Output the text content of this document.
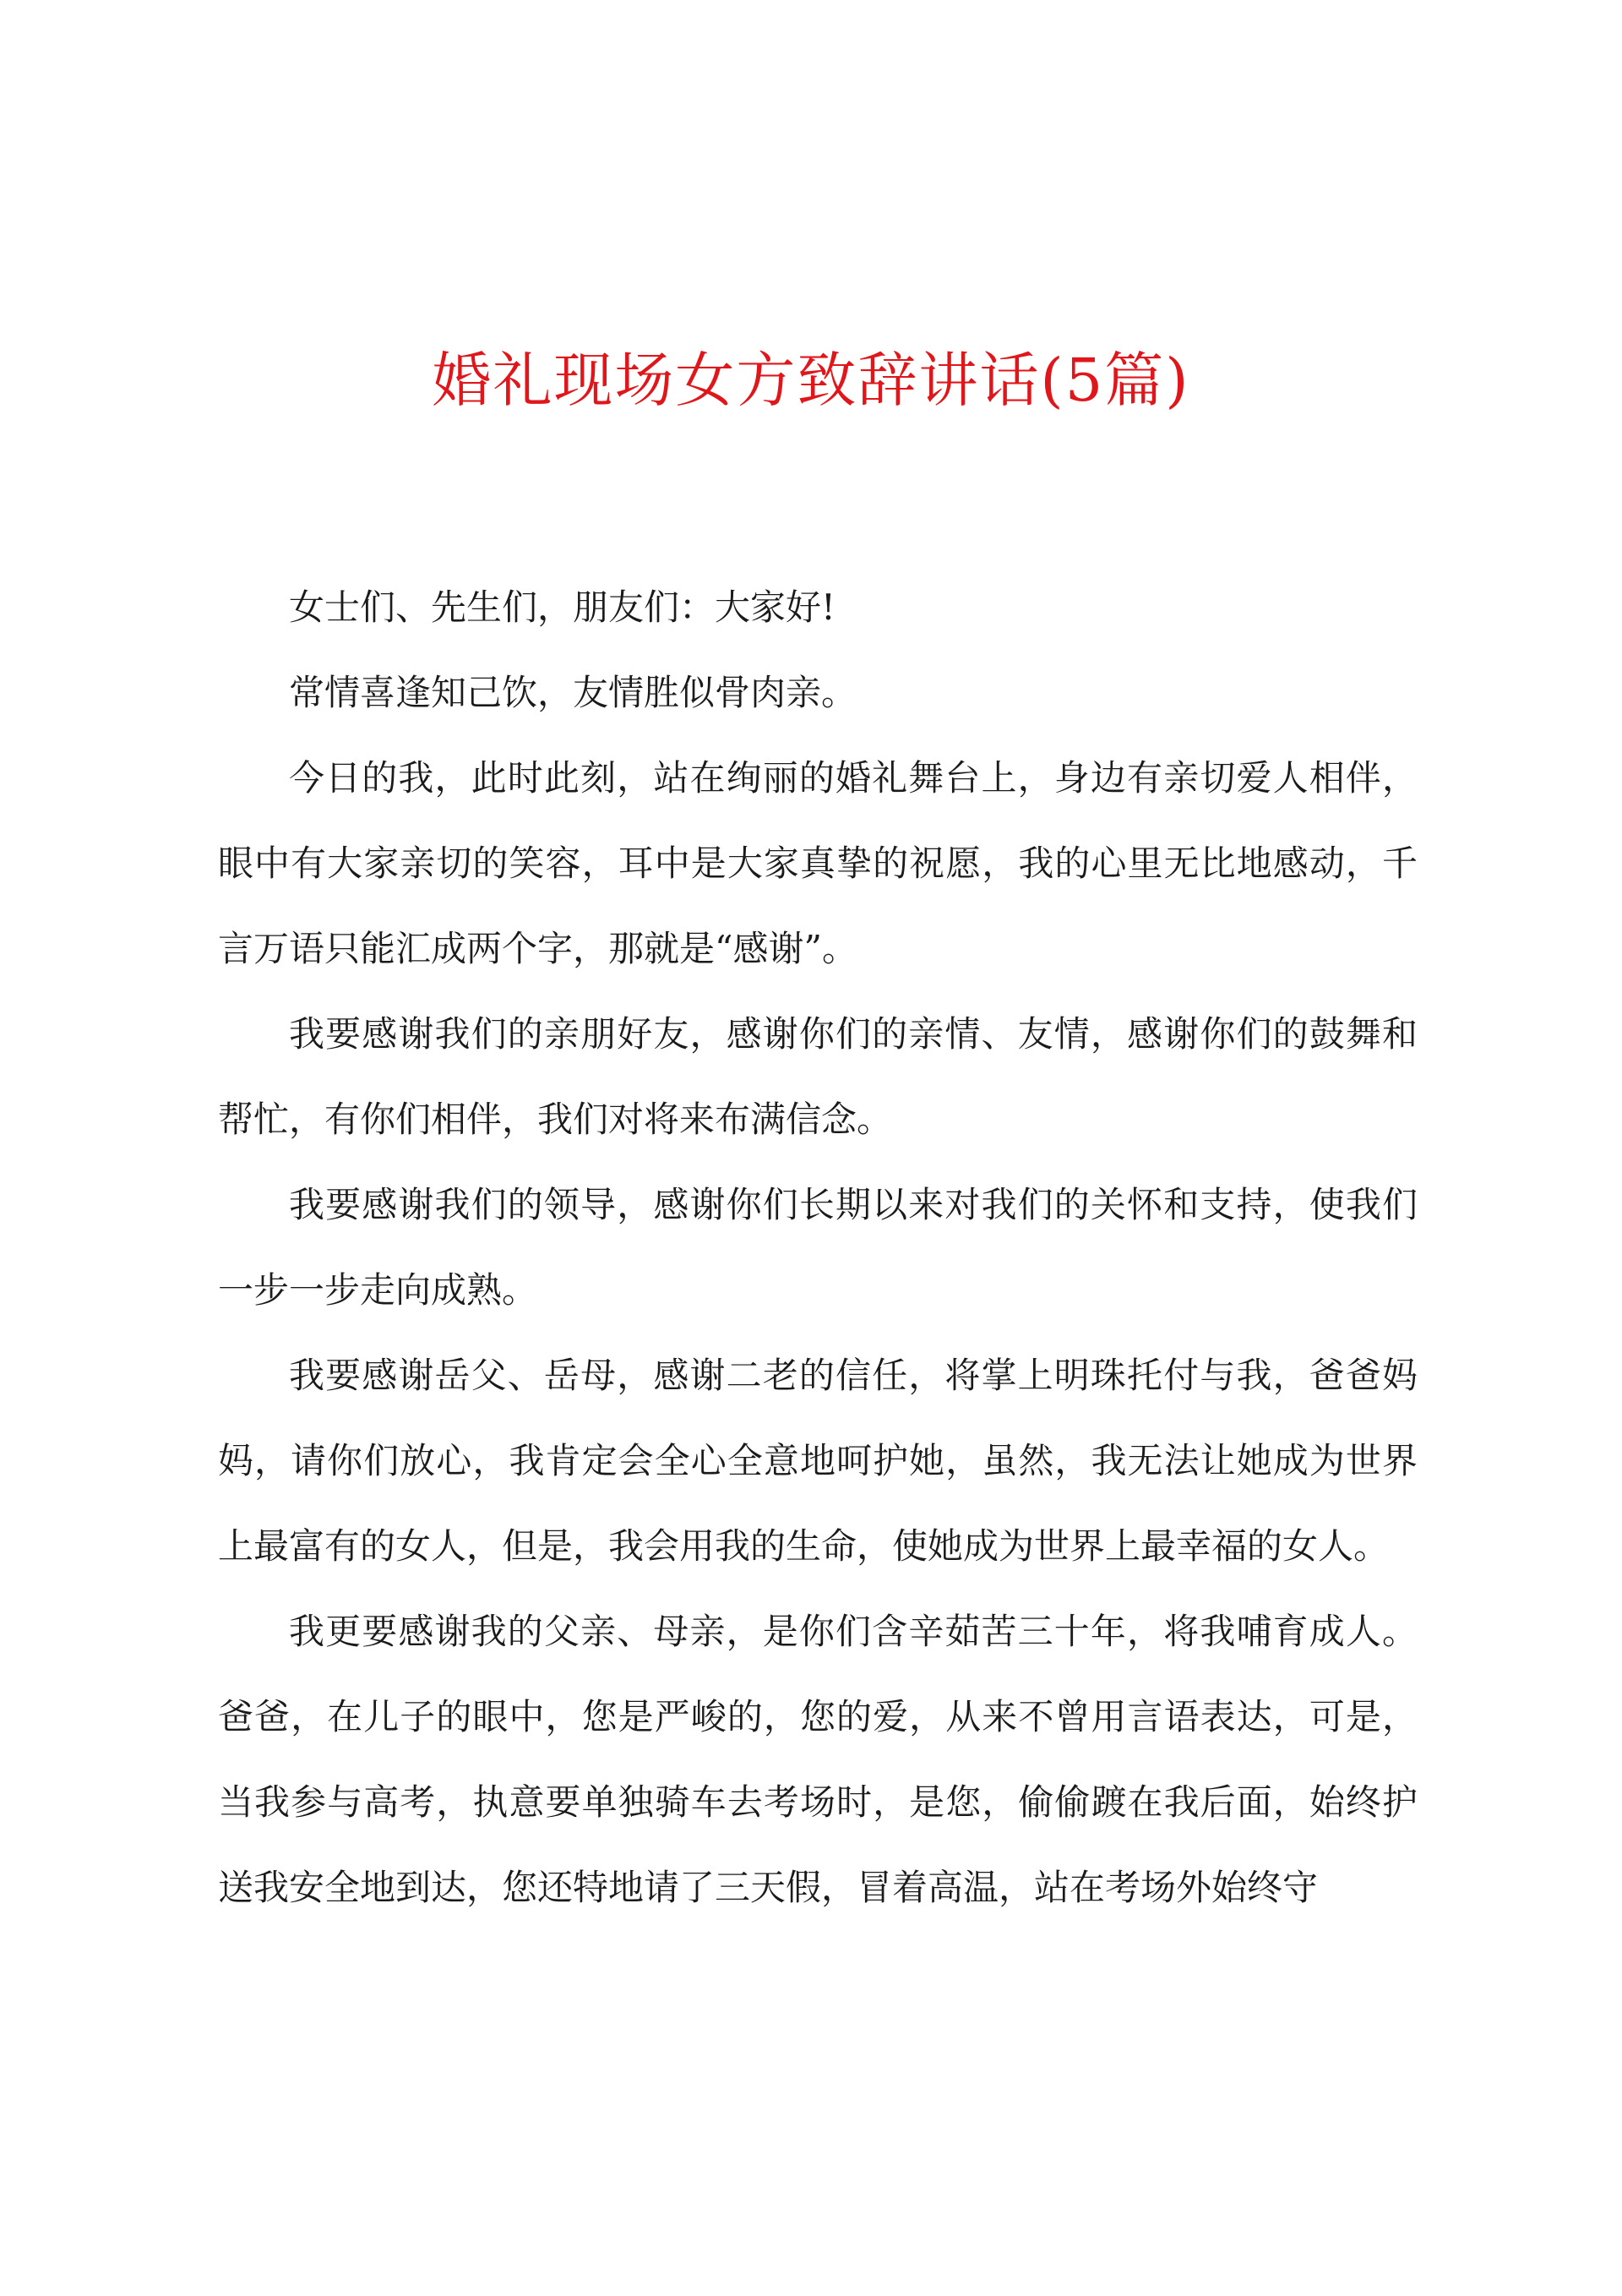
婚礼现场女方致辞讲话(5篇)

女士们、先生们，朋友们：大家好!

常情喜逢知己饮，友情胜似骨肉亲。

今日的我，此时此刻，站在绚丽的婚礼舞台上，身边有亲切爱人相伴，眼中有大家亲切的笑容，耳中是大家真挚的祝愿，我的心里无比地感动，千言万语只能汇成两个字，那就是“感谢”。

我要感谢我们的亲朋好友，感谢你们的亲情、友情，感谢你们的鼓舞和帮忙，有你们相伴，我们对将来布满信念。

我要感谢我们的领导，感谢你们长期以来对我们的关怀和支持，使我们一步一步走向成熟。

我要感谢岳父、岳母，感谢二老的信任，将掌上明珠托付与我，爸爸妈妈，请你们放心，我肯定会全心全意地呵护她，虽然，我无法让她成为世界上最富有的女人，但是，我会用我的生命，使她成为世界上最幸福的女人。

我更要感谢我的父亲、母亲，是你们含辛茹苦三十年，将我哺育成人。爸爸，在儿子的眼中，您是严峻的，您的爱，从来不曾用言语表达，可是，当我参与高考，执意要单独骑车去考场时，是您，偷偷踱在我后面，始终护送我安全地到达，您还特地请了三天假，冒着高温，站在考场外始终守
